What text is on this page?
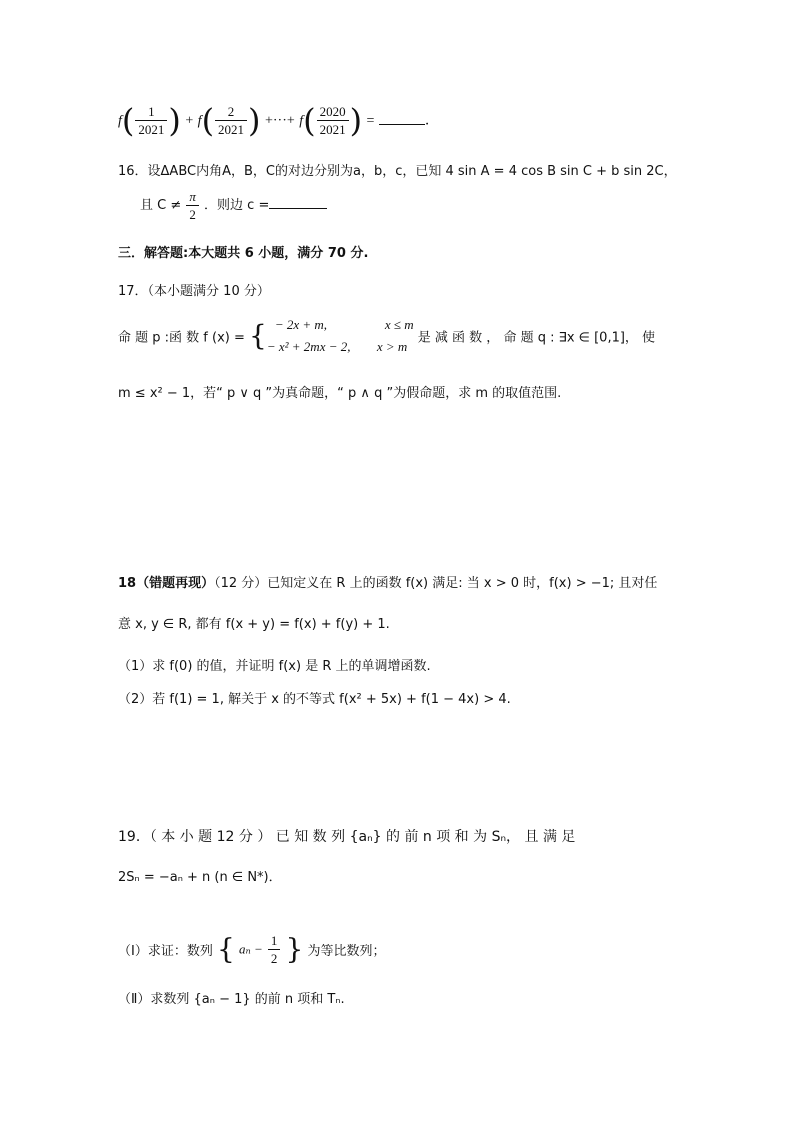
$f( \frac{1}{2021}$ ) + $f( \frac{2}{2021}$ ) +···+ $f( \frac{2020}{2021}$ ) =	.
16．设ΔABC内角A，B，C的对边分别为a，b，c，已知 4 sin A = 4 cos B sin C + b sin 2C，
且 $C \ne \frac{\pi}{2}$ ．则边 c =
三．解答题:本大题共 6 小题，满分 70 分.
17．（本小题满分 10 分）
命 题 p :函 数 f (x) = { − 2x + m,	x ≤ m
− x² + 2mx − 2, x > m
是 减 函 数 ， 命 题 q : ∃x ∈ [0,1]， 使
m ≤ x² − 1，若“ p ∨ q ”为真命题，“ p ∧ q ”为假命题，求 m 的取值范围.
18（错题再现）（12 分）已知定义在 R 上的函数 f(x) 满足: 当 x > 0 时，f(x) > −1; 且对任
意 x, y ∈ R, 都有 f(x + y) = f(x) + f(y) + 1.
（1）求 f(0) 的值，并证明 f(x) 是 R 上的单调增函数.
（2）若 f(1) = 1, 解关于 x 的不等式 f(x² + 5x) + f(1 − 4x) > 4.
19．（ 本 小 题 12 分 ） 已 知 数 列 {aₙ} 的 前 n 项 和 为 Sₙ， 且 满 足
2Sₙ = −aₙ + n (n ∈ N*)．
（Ⅰ）求证：数列 { $a_n - \frac{1}{2}$ } 为等比数列；
（Ⅱ）求数列 {aₙ − 1} 的前 n 项和 Tₙ.
